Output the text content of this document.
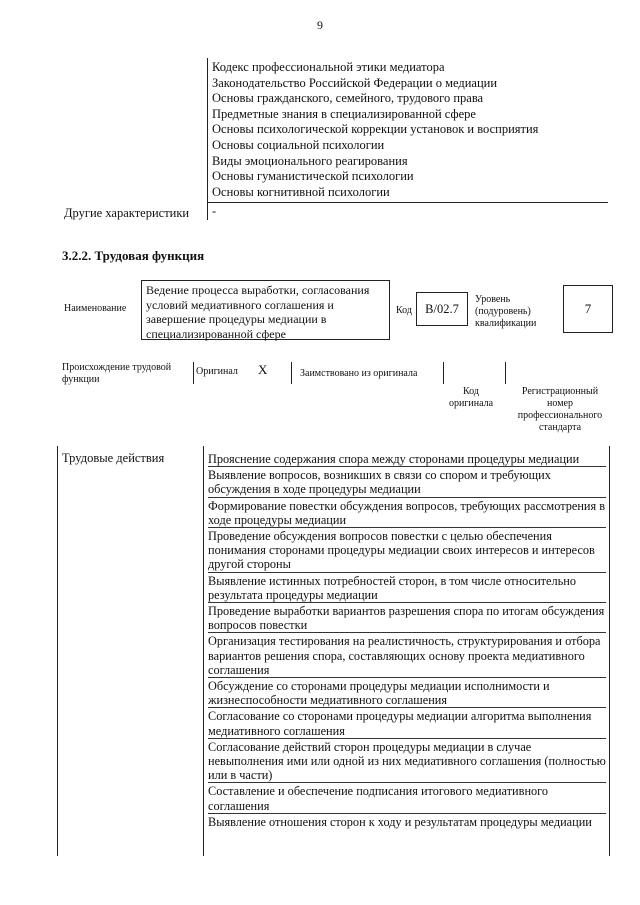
9
Кодекс профессиональной этики медиатора
Законодательство Российской Федерации о медиации
Основы гражданского, семейного, трудового права
Предметные знания в специализированной сфере
Основы психологической коррекции установок и восприятия
Основы социальной психологии
Виды эмоционального реагирования
Основы гуманистической психологии
Основы когнитивной психологии
Другие характеристики -
3.2.2. Трудовая функция
Наименование
Ведение процесса выработки, согласования условий медиативного соглашения и завершение процедуры медиации в специализированной сфере
Код	В/02.7
Уровень (подуровень) квалификации
7
Происхождение трудовой функции
Оригинал X	Заимствовано из оригинала
Код оригинала
Регистрационный номер профессионального стандарта
Трудовые действия	Прояснение содержания спора между сторонами процедуры медиации
Выявление вопросов, возникших в связи со спором и требующих обсуждения в ходе процедуры медиации
Формирование повестки обсуждения вопросов, требующих рассмотрения в ходе процедуры медиации
Проведение обсуждения вопросов повестки с целью обеспечения понимания сторонами процедуры медиации своих интересов и интересов другой стороны
Выявление истинных потребностей сторон, в том числе относительно результата процедуры медиации
Проведение выработки вариантов разрешения спора по итогам обсуждения вопросов повестки
Организация тестирования на реалистичность, структурирования и отбора вариантов решения спора, составляющих основу проекта медиативного соглашения
Обсуждение со сторонами процедуры медиации исполнимости и жизнеспособности медиативного соглашения
Согласование со сторонами процедуры медиации алгоритма выполнения медиативного соглашения
Согласование действий сторон процедуры медиации в случае невыполнения ими или одной из них медиативного соглашения (полностью или в части)
Составление и обеспечение подписания итогового медиативного соглашения
Выявление отношения сторон к ходу и результатам процедуры медиации
